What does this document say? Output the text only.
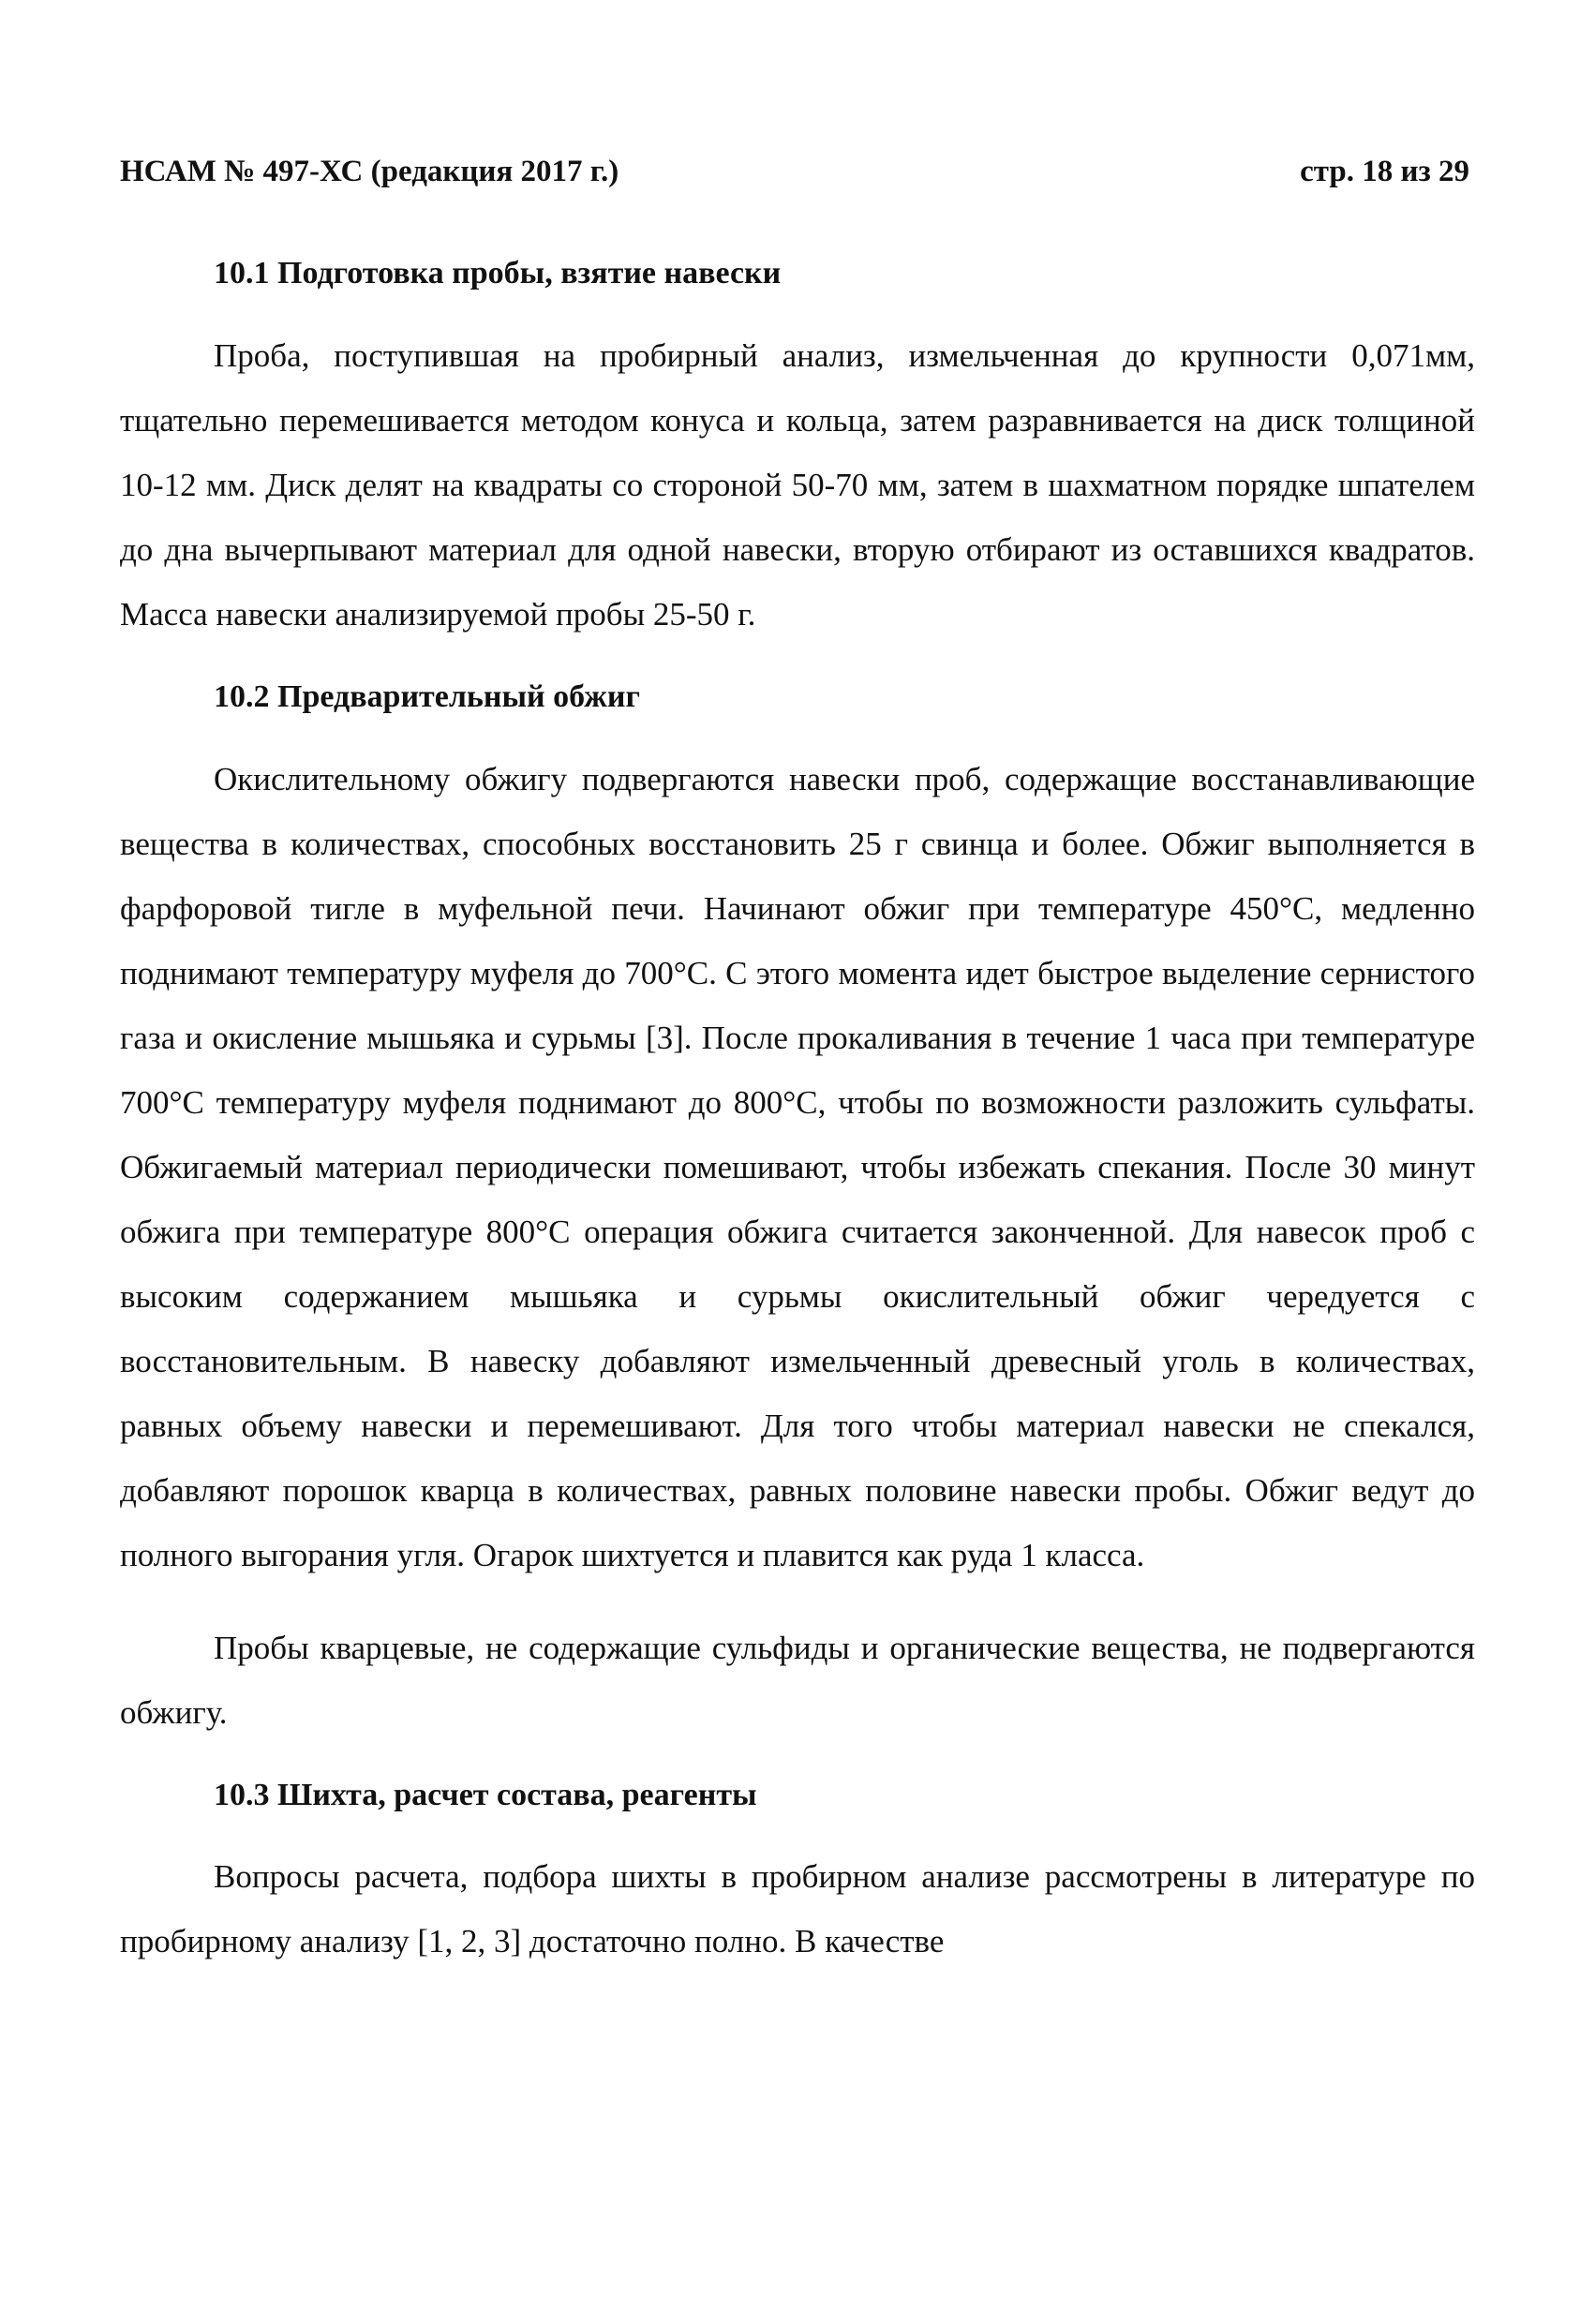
НСАМ № 497-ХС (редакция 2017 г.)	стр. 18 из 29
10.1 Подготовка пробы, взятие навески

Проба, поступившая на пробирный анализ, измельченная до крупности 0,071мм, тщательно перемешивается методом конуса и кольца, затем разравнивается на диск толщиной 10-12 мм. Диск делят на квадраты со стороной 50-70 мм, затем в шахматном порядке шпателем до дна вычерпывают материал для одной навески, вторую отбирают из оставшихся квадратов. Масса навески анализируемой пробы 25-50 г.

10.2 Предварительный обжиг

Окислительному обжигу подвергаются навески проб, содержащие восстанавливающие вещества в количествах, способных восстановить 25 г свинца и более. Обжиг выполняется в фарфоровой тигле в муфельной печи. Начинают обжиг при температуре 450°С, медленно поднимают температуру муфеля до 700°С. С этого момента идет быстрое выделение сернистого газа и окисление мышьяка и сурьмы [3]. После прокаливания в течение 1 часа при температуре 700°С температуру муфеля поднимают до 800°С, чтобы по возможности разложить сульфаты. Обжигаемый материал периодически помешивают, чтобы избежать спекания. После 30 минут обжига при температуре 800°С операция обжига считается законченной. Для навесок проб с высоким содержанием мышьяка и сурьмы окислительный обжиг чередуется с восстановительным. В навеску добавляют измельченный древесный уголь в количествах, равных объему навески и перемешивают. Для того чтобы материал навески не спекался, добавляют порошок кварца в количествах, равных половине навески пробы. Обжиг ведут до полного выгорания угля. Огарок шихтуется и плавится как руда 1 класса.

Пробы кварцевые, не содержащие сульфиды и органические вещества, не подвергаются обжигу.

10.3 Шихта, расчет состава, реагенты

Вопросы расчета, подбора шихты в пробирном анализе рассмотрены в литературе по пробирному анализу [1, 2, 3] достаточно полно. В качестве
